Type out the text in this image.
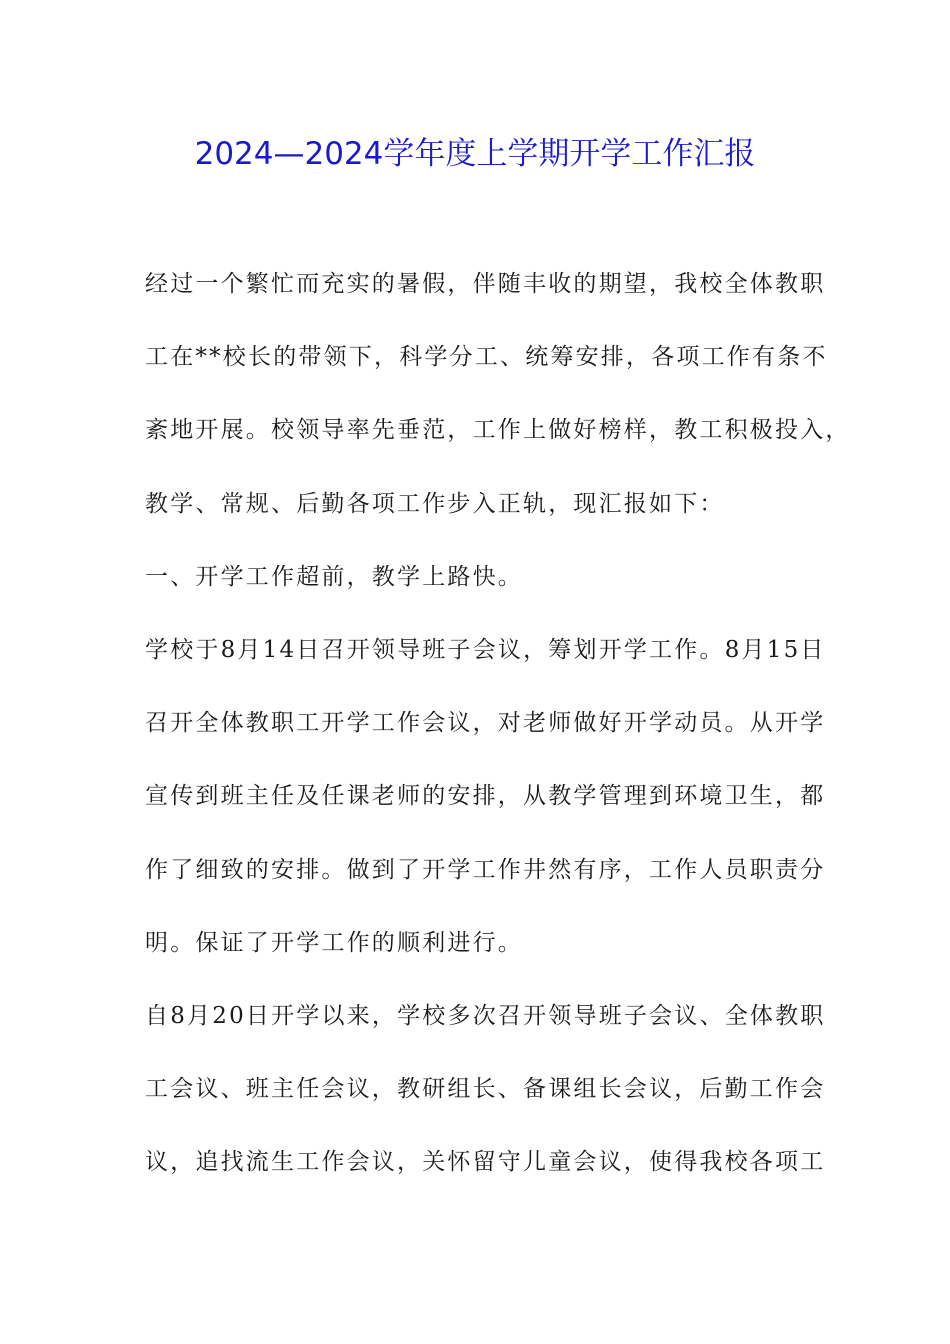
2024—2024学年度上学期开学工作汇报
经过一个繁忙而充实的暑假，伴随丰收的期望，我校全体教职
工在**校长的带领下，科学分工、统筹安排，各项工作有条不
紊地开展。校领导率先垂范，工作上做好榜样，教工积极投入，
教学、常规、后勤各项工作步入正轨，现汇报如下：
一、开学工作超前，教学上路快。
学校于8月14日召开领导班子会议，筹划开学工作。8月15日
召开全体教职工开学工作会议，对老师做好开学动员。从开学
宣传到班主任及任课老师的安排，从教学管理到环境卫生，都
作了细致的安排。做到了开学工作井然有序，工作人员职责分
明。保证了开学工作的顺利进行。
自8月20日开学以来，学校多次召开领导班子会议、全体教职
工会议、班主任会议，教研组长、备课组长会议，后勤工作会
议，追找流生工作会议，关怀留守儿童会议，使得我校各项工
